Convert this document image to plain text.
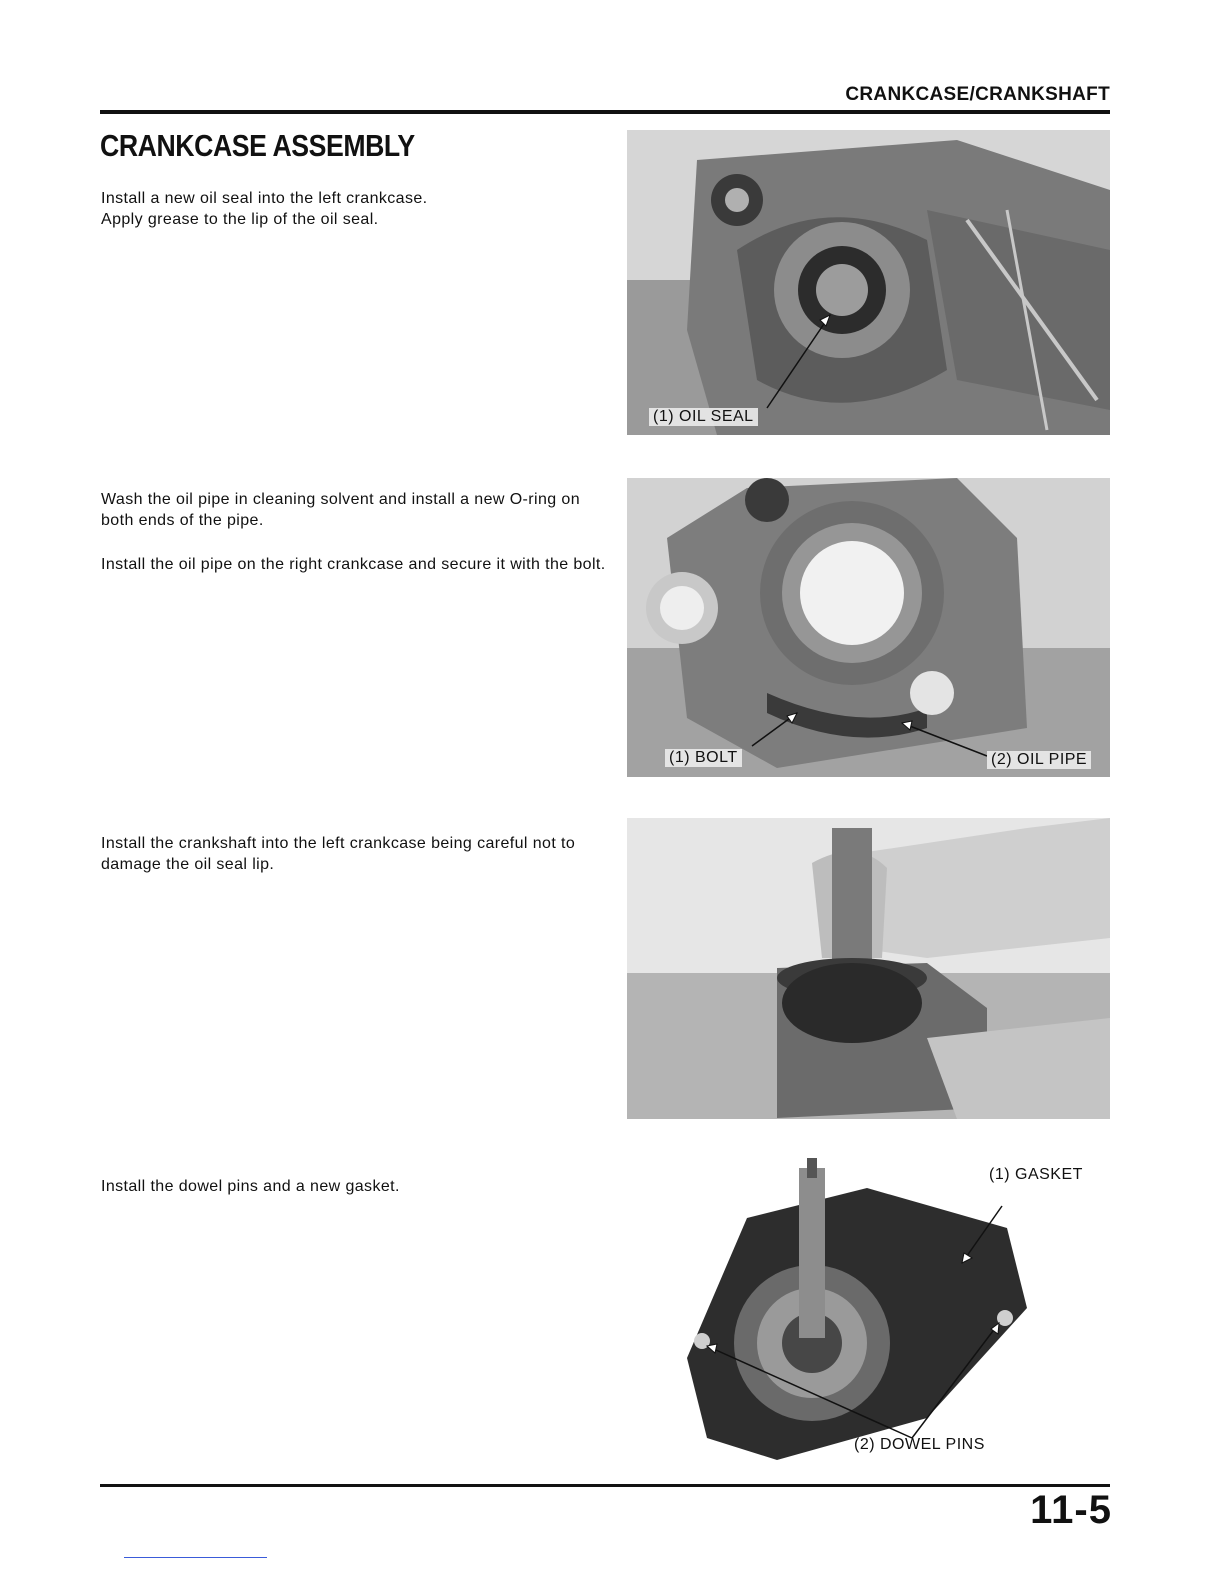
CRANKCASE/CRANKSHAFT
CRANKCASE ASSEMBLY

Install a new oil seal into the left crankcase.

Apply grease to the lip of the oil seal.

(1) OIL SEAL

Wash the oil pipe in cleaning solvent and install a new O-ring on both ends of the pipe.

Install the oil pipe on the right crankcase and secure it with the bolt.

(1) BOLT	(2) OIL PIPE

Install the crankshaft into the left crankcase being careful not to damage the oil seal lip.

Install the dowel pins and a new gasket.

(1) GASKET
(2) DOWEL PINS
11-5
